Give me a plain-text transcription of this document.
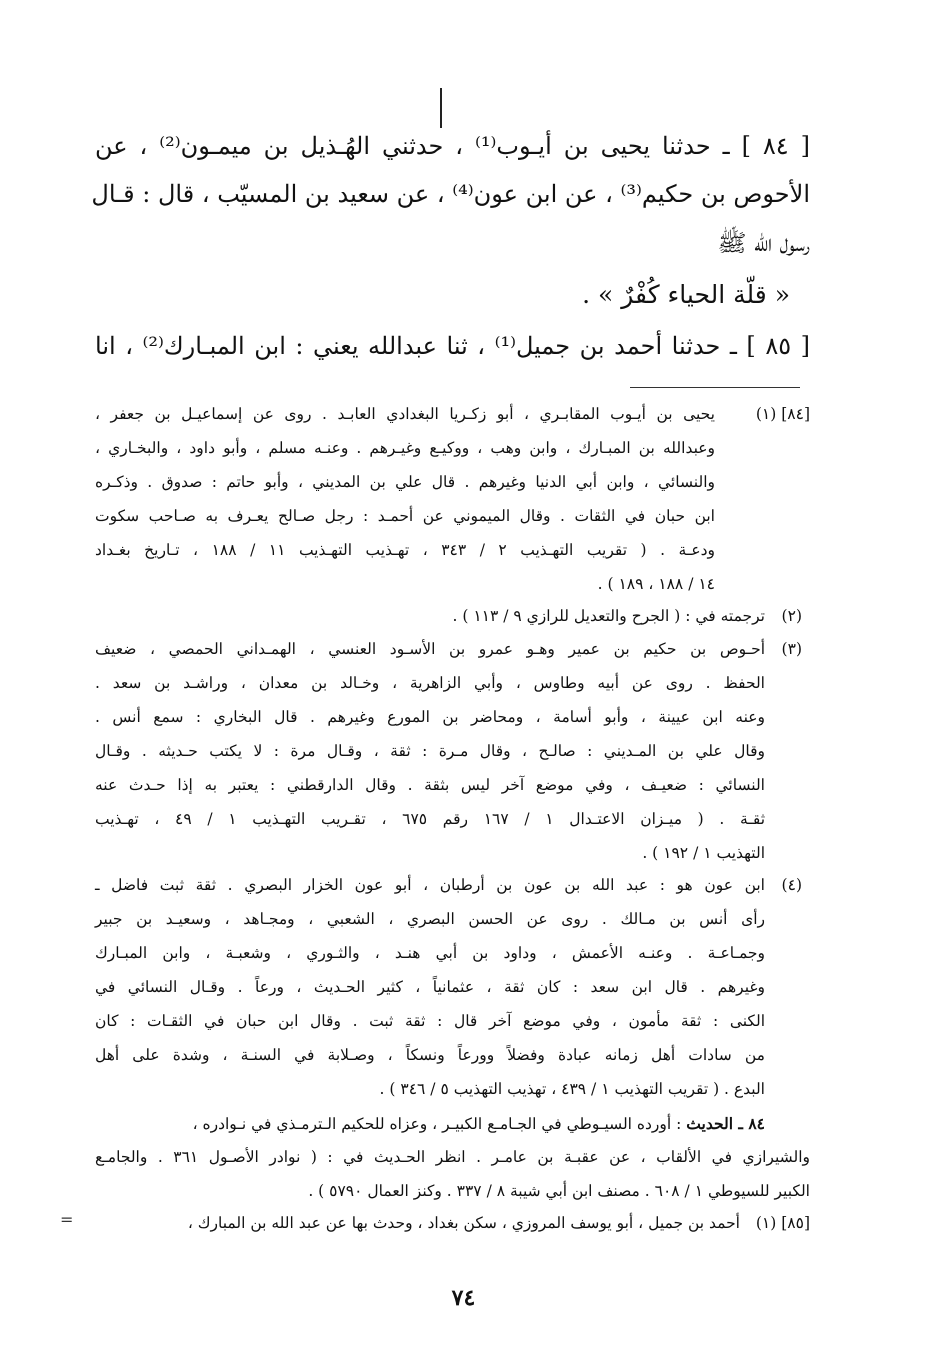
[ ٨٤ ] ـ حدثنا يحيى بن أيـوب⁽¹⁾ ، حدثني الهُـذيل بن ميمـون⁽²⁾ ، عن
الأحوص بن حكيم⁽³⁾ ، عن ابن عون⁽⁴⁾ ، عن سعيد بن المسيّب ، قال : قـال
رسول الله ﷺ
« قلّة الحياء كُفْرٌ » .
[ ٨٥ ] ـ حدثنا أحمد بن جميل⁽¹⁾ ، ثنا عبدالله يعني : ابن المبـارك⁽²⁾ ، انا
[٨٤] (١)
يحيى بن أيـوب المقابـري ، أبو زكـريا البغدادي العابـد . روى عن إسماعيـل بن جعفر ،
وعبدالله بن المبـارك ، وابن وهب ، ووكيـع وغيـرهم . وعنـه مسلم ، وأبو داود ، والبخـاري ،
والنسائي ، وابن أبي الدنيا وغيرهم . قال علي بن المديني ، وأبو حاتم : صدوق . وذكـره
ابن حبان في الثقات . وقال الميموني عن أحمـد : رجل صـالح يعـرف به صـاحب سكوت
ودعـة . ( تقريب التهـذيب ٢ / ٣٤٣ ، تهـذيب التهـذيب ١١ / ١٨٨ ، تـاريخ بغـداد
١٤ / ١٨٨ ، ١٨٩ ) .
(٢)
ترجمته في : ( الجرح والتعديل للرازي ٩ / ١١٣ ) .
(٣)
أحـوص بن حكيم بن عمير وهـو عمرو بن الأسـود العنسي ، الهمـداني الحمصي ، ضعيف
الحفظ . روى عن أبيه وطاوس ، وأبي الزاهرية ، وخـالد بن معدان ، وراشـد بن سعد .
وعنه ابن عيينة ، وأبو أسامة ، ومحاضر بن المورع وغيرهم . قال البخاري : سمع أنس .
وقال علي بن المـديني : صالـح ، وقال مـرة : ثقة ، وقـال مرة : لا يكتب حـديثه . وقـال
النسائي : ضعيـف ، وفي موضع آخر ليس بثقة . وقال الدارقطني : يعتبر به إذا حـدث عنه
ثقـة . ( ميـزان الاعتـدال ١ / ١٦٧ رقم ٦٧٥ ، تقـريب التهـذيب ١ / ٤٩ ، تهـذيب
التهذيب ١ / ١٩٢ ) .
(٤)
ابن عون هو : عبد الله بن عون بن أرطبان ، أبو عون الخزار البصري . ثقة ثبت فاضل ـ
رأى أنس بن مـالك . روى عن الحسن البصري ، الشعبي ، ومجـاهد ، وسعيـد بن جبير
وجمـاعـة . وعنـه الأعمش ، وداود بن أبي هنـد ، والثـوري ، وشعبـة ، وابن المبـارك
وغيرهم . قال ابن سعد : كان ثقة ، عثمانياً ، كثير الحـديث ، ورعاً . وقـال النسائي في
الكنى : ثقة مأمون ، وفي موضع آخر قال : ثقة ثبت . وقال ابن حبان في الثقـات : كان
من سادات أهل زمانه عبادة وفضلاً وورعاً ونسكاً ، وصـلابة في السنـة ، وشدة على أهل
البدع . ( تقريب التهذيب ١ / ٤٣٩ ، تهذيب التهذيب ٥ / ٣٤٦ ) .
٨٤ ـ الحديث : أورده السيـوطي في الجـامـع الكبيـر ، وعزاه للحكيم الـترمـذي في نـوادره ،
والشيرازي في الألقاب ، عن عقبـة بن عامـر . انظر الحـديث في : ( نوادر الأصـول ٣٦١ . والجامـع
الكبير للسيوطي ١ / ٦٠٨ . مصنف ابن أبي شيبة ٨ / ٣٣٧ . وكنز العمال ٥٧٩٠ ) .
[٨٥] (١)
أحمد بن جميل ، أبو يوسف المروزي ، سكن بغداد ، وحدث بها عن عبد الله بن المبارك ،
=
٧٤
